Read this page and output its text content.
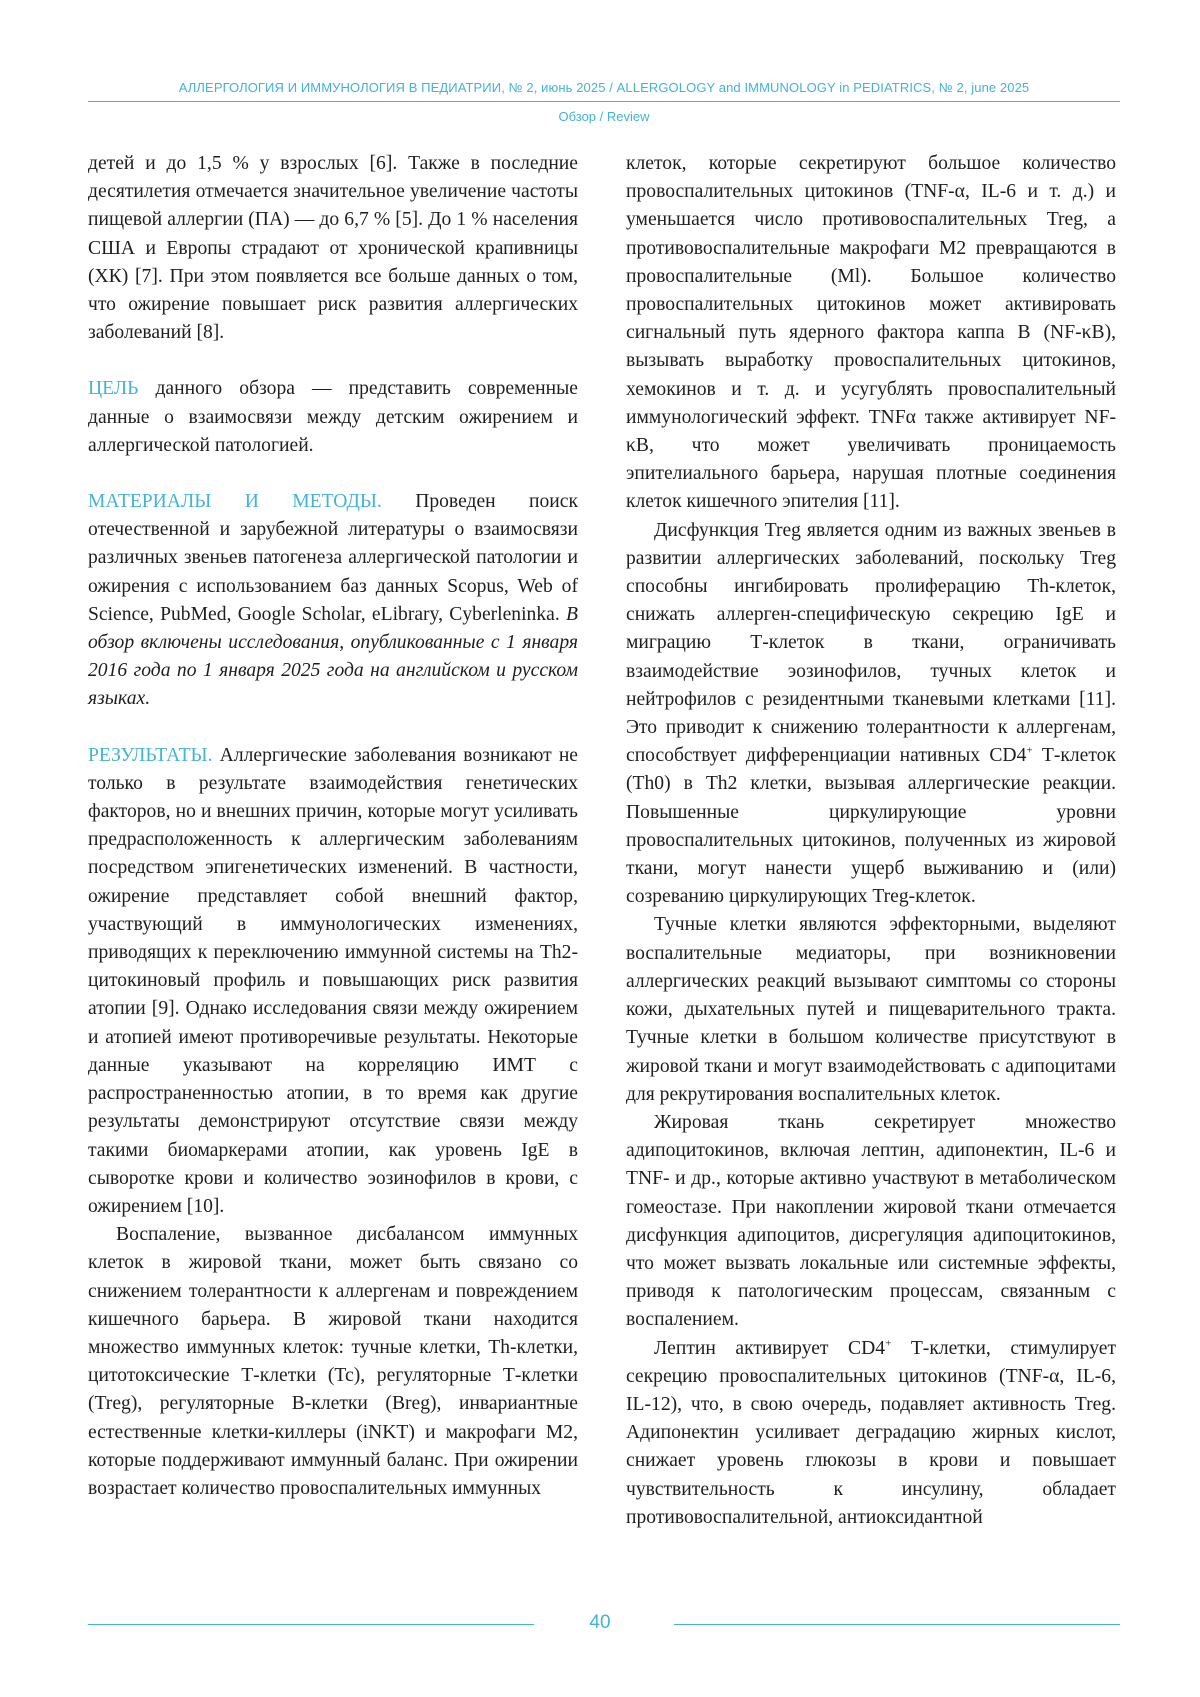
АЛЛЕРГОЛОГИЯ И ИММУНОЛОГИЯ В ПЕДИАТРИИ, № 2, июнь 2025 / ALLERGOLOGY and IMMUNOLOGY in PEDIATRICS, № 2, june 2025
Обзор / Review

детей и до 1,5 % у взрослых [6]. Также в последние десятилетия отмечается значительное увеличение частоты пищевой аллергии (ПА) — до 6,7 % [5]. До 1 % населения США и Европы страдают от хронической крапивницы (ХК) [7]. При этом появляется все больше данных о том, что ожирение повышает риск развития аллергических заболеваний [8].

ЦЕЛЬ данного обзора — представить современные данные о взаимосвязи между детским ожирением и аллергической патологией.

МАТЕРИАЛЫ И МЕТОДЫ. Проведен поиск отечественной и зарубежной литературы о взаимосвязи различных звеньев патогенеза аллергической патологии и ожирения с использованием баз данных Scopus, Web of Science, PubMed, Google Scholar, eLibrary, Cyberleninka. В обзор включены исследования, опубликованные с 1 января 2016 года по 1 января 2025 года на английском и русском языках.

РЕЗУЛЬТАТЫ. Аллергические заболевания возникают не только в результате взаимодействия генетических факторов, но и внешних причин, которые могут усиливать предрасположенность к аллергическим заболеваниям посредством эпигенетических изменений. В частности, ожирение представляет собой внешний фактор, участвующий в иммунологических изменениях, приводящих к переключению иммунной системы на Th2-цитокиновый профиль и повышающих риск развития атопии [9]. Однако исследования связи между ожирением и атопией имеют противоречивые результаты. Некоторые данные указывают на корреляцию ИМТ с распространенностью атопии, в то время как другие результаты демонстрируют отсутствие связи между такими биомаркерами атопии, как уровень IgE в сыворотке крови и количество эозинофилов в крови, с ожирением [10].

Воспаление, вызванное дисбалансом иммунных клеток в жировой ткани, может быть связано со снижением толерантности к аллергенам и повреждением кишечного барьера. В жировой ткани находится множество иммунных клеток: тучные клетки, Th-клетки, цитотоксические Т-клетки (Tc), регуляторные Т-клетки (Treg), регуляторные В-клетки (Breg), инвариантные естественные клетки-киллеры (iNKT) и макрофаги M2, которые поддерживают иммунный баланс. При ожирении возрастает количество провоспалительных иммунных

клеток, которые секретируют большое количество провоспалительных цитокинов (TNF-α, IL-6 и т. д.) и уменьшается число противовоспалительных Treg, а противовоспалительные макрофаги M2 превращаются в провоспалительные (Ml). Большое количество провоспалительных цитокинов может активировать сигнальный путь ядерного фактора каппа B (NF-κB), вызывать выработку провоспалительных цитокинов, хемокинов и т. д. и усугублять провоспалительный иммунологический эффект. TNFα также активирует NF-κB, что может увеличивать проницаемость эпителиального барьера, нарушая плотные соединения клеток кишечного эпителия [11].

Дисфункция Treg является одним из важных звеньев в развитии аллергических заболеваний, поскольку Treg способны ингибировать пролиферацию Th-клеток, снижать аллерген-специфическую секрецию IgE и миграцию Т-клеток в ткани, ограничивать взаимодействие эозинофилов, тучных клеток и нейтрофилов с резидентными тканевыми клетками [11]. Это приводит к снижению толерантности к аллергенам, способствует дифференциации нативных CD4+ Т-клеток (Th0) в Th2 клетки, вызывая аллергические реакции. Повышенные циркулирующие уровни провоспалительных цитокинов, полученных из жировой ткани, могут нанести ущерб выживанию и (или) созреванию циркулирующих Treg-клеток.

Тучные клетки являются эффекторными, выделяют воспалительные медиаторы, при возникновении аллергических реакций вызывают симптомы со стороны кожи, дыхательных путей и пищеварительного тракта. Тучные клетки в большом количестве присутствуют в жировой ткани и могут взаимодействовать с адипоцитами для рекрутирования воспалительных клеток.

Жировая ткань секретирует множество адипоцитокинов, включая лептин, адипонектин, IL-6 и TNF- и др., которые активно участвуют в метаболическом гомеостазе. При накоплении жировой ткани отмечается дисфункция адипоцитов, дисрегуляция адипоцитокинов, что может вызвать локальные или системные эффекты, приводя к патологическим процессам, связанным с воспалением.

Лептин активирует CD4+ Т-клетки, стимулирует секрецию провоспалительных цитокинов (TNF-α, IL-6, IL-12), что, в свою очередь, подавляет активность Treg. Адипонектин усиливает деградацию жирных кислот, снижает уровень глюкозы в крови и повышает чувствительность к инсулину, обладает противовоспалительной, антиоксидантной

40
